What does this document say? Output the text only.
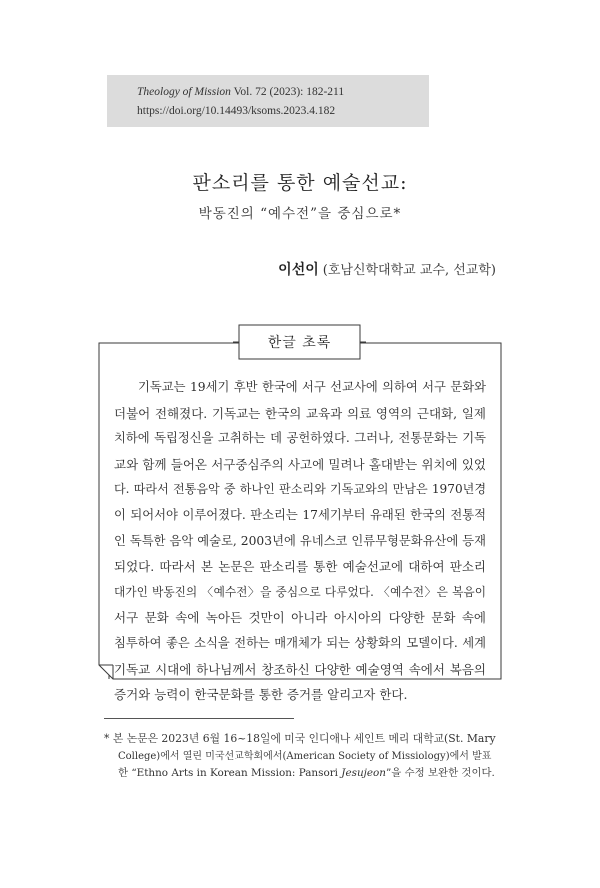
Theology of Mission Vol. 72 (2023): 182-211
https://doi.org/10.14493/ksoms.2023.4.182
판소리를 통한 예술선교:
박동진의 “예수전”을 중심으로*
이선이 (호남신학대학교 교수, 선교학)
한글 초록
기독교는 19세기 후반 한국에 서구 선교사에 의하여 서구 문화와
더불어 전해졌다. 기독교는 한국의 교육과 의료 영역의 근대화, 일제
치하에 독립정신을 고취하는 데 공헌하였다. 그러나, 전통문화는 기독
교와 함께 들어온 서구중심주의 사고에 밀려나 홀대받는 위치에 있었
다. 따라서 전통음악 중 하나인 판소리와 기독교와의 만남은 1970년경
이 되어서야 이루어졌다. 판소리는 17세기부터 유래된 한국의 전통적
인 독특한 음악 예술로, 2003년에 유네스코 인류무형문화유산에 등재
되었다. 따라서 본 논문은 판소리를 통한 예술선교에 대하여 판소리
대가인 박동진의 〈예수전〉을 중심으로 다루었다. 〈예수전〉은 복음이
서구 문화 속에 녹아든 것만이 아니라 아시아의 다양한 문화 속에
침투하여 좋은 소식을 전하는 매개체가 되는 상황화의 모델이다. 세계
기독교 시대에 하나님께서 창조하신 다양한 예술영역 속에서 복음의
증거와 능력이 한국문화를 통한 증거를 알리고자 한다.
* 본 논문은 2023년 6월 16~18일에 미국 인디애나 세인트 메리 대학교(St. Mary
College)에서 열린 미국선교학회에서(American Society of Missiology)에서 발표
한 “Ethno Arts in Korean Mission: Pansori Jesujeon”을 수정 보완한 것이다.
